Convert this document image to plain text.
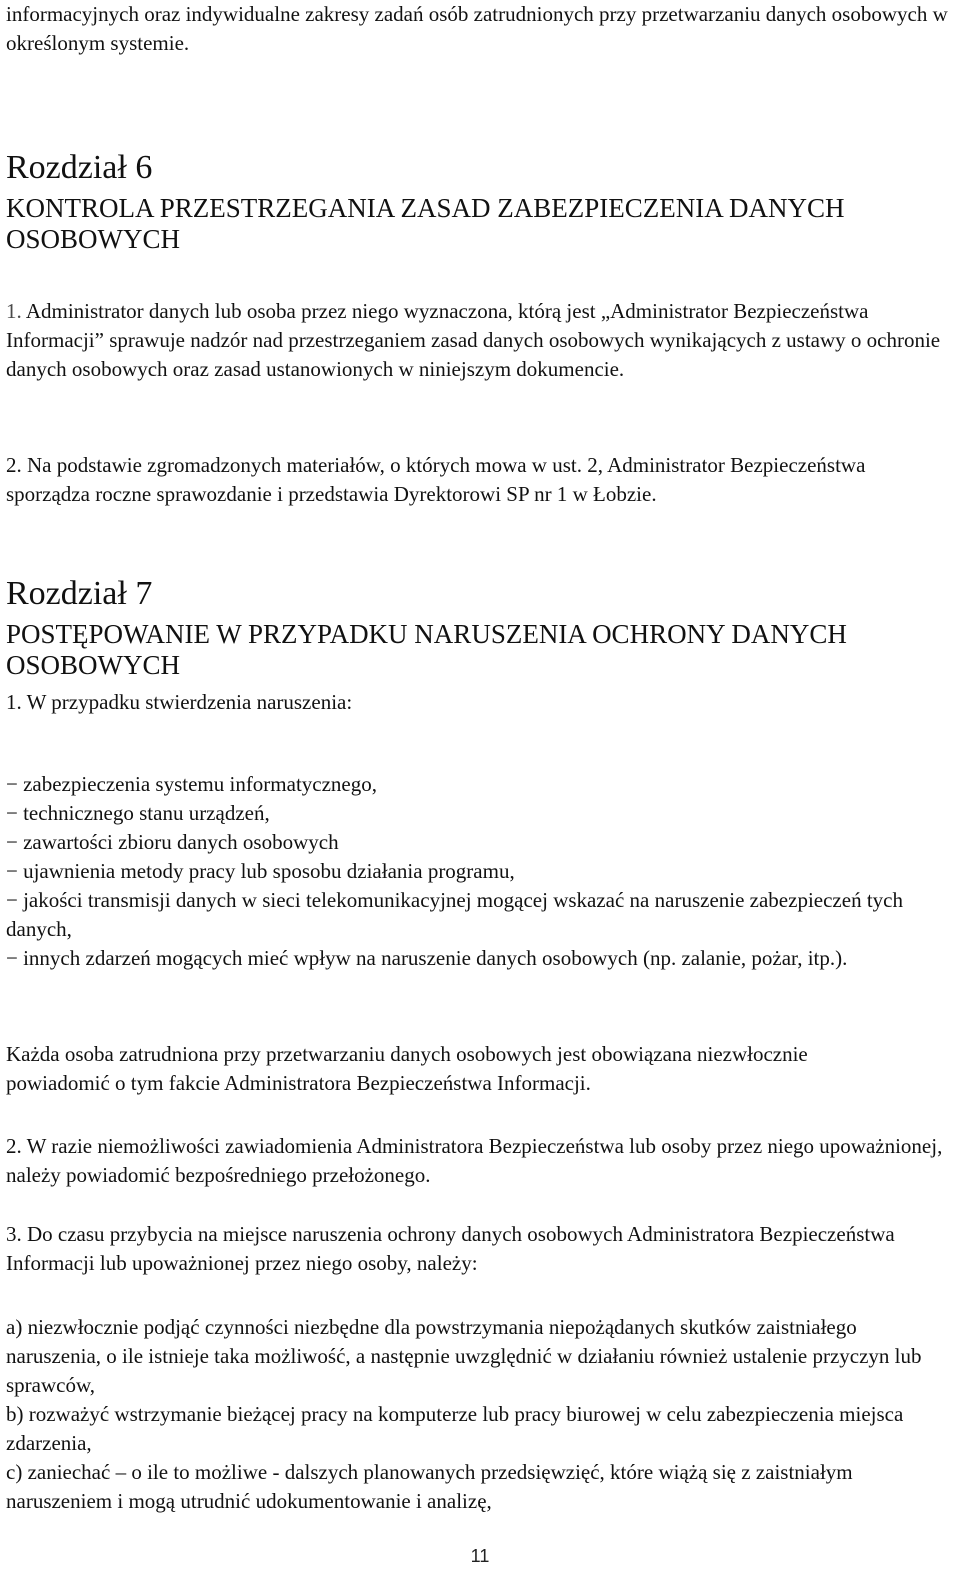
informacyjnych oraz indywidualne zakresy zadań osób zatrudnionych przy przetwarzaniu danych osobowych w określonym systemie.

Rozdział 6
KONTROLA PRZESTRZEGANIA ZASAD ZABEZPIECZENIA DANYCH OSOBOWYCH

1. Administrator danych lub osoba przez niego wyznaczona, którą jest „Administrator Bezpieczeństwa Informacji” sprawuje nadzór nad przestrzeganiem zasad danych osobowych wynikających z ustawy o ochronie danych osobowych oraz zasad ustanowionych w niniejszym dokumencie.

2. Na podstawie zgromadzonych materiałów, o których mowa w ust. 2, Administrator Bezpieczeństwa sporządza roczne sprawozdanie i przedstawia Dyrektorowi SP nr 1 w Łobzie.

Rozdział 7
POSTĘPOWANIE W PRZYPADKU NARUSZENIA OCHRONY DANYCH OSOBOWYCH

1. W przypadku stwierdzenia naruszenia:

− zabezpieczenia systemu informatycznego,
− technicznego stanu urządzeń,
− zawartości zbioru danych osobowych
− ujawnienia metody pracy lub sposobu działania programu,
− jakości transmisji danych w sieci telekomunikacyjnej mogącej wskazać na naruszenie zabezpieczeń tych danych,
− innych zdarzeń mogących mieć wpływ na naruszenie danych osobowych (np. zalanie, pożar, itp.).

Każda osoba zatrudniona przy przetwarzaniu danych osobowych jest obowiązana niezwłocznie powiadomić o tym fakcie Administratora Bezpieczeństwa Informacji.

2. W razie niemożliwości zawiadomienia Administratora Bezpieczeństwa lub osoby przez niego upoważnionej, należy powiadomić bezpośredniego przełożonego.

3. Do czasu przybycia na miejsce naruszenia ochrony danych osobowych Administratora Bezpieczeństwa Informacji lub upoważnionej przez niego osoby, należy:

a) niezwłocznie podjąć czynności niezbędne dla powstrzymania niepożądanych skutków zaistniałego naruszenia, o ile istnieje taka możliwość, a następnie uwzględnić w działaniu również ustalenie przyczyn lub sprawców,
b) rozważyć wstrzymanie bieżącej pracy na komputerze lub pracy biurowej w celu zabezpieczenia miejsca zdarzenia,
c) zaniechać – o ile to możliwe - dalszych planowanych przedsięwzięć, które wiążą się z zaistniałym naruszeniem i mogą utrudnić udokumentowanie i analizę,
11
